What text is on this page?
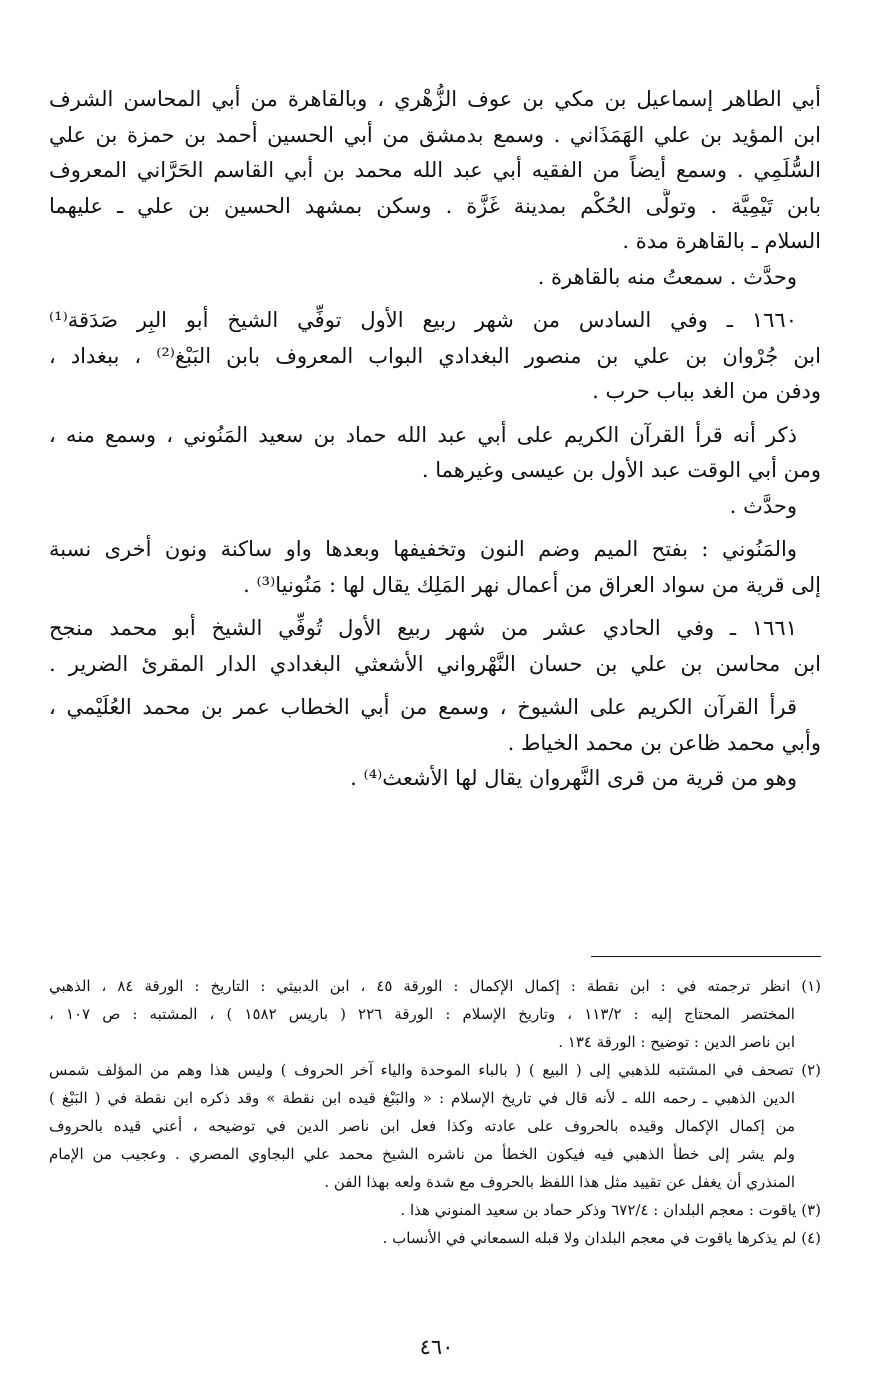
أبي الطاهر إسماعيل بن مكي بن عوف الزُّهْري ، وبالقاهرة من أبي المحاسن الشرف
ابن المؤيد بن علي الهَمَذَاني . وسمع بدمشق من أبي الحسين أحمد بن حمزة بن علي
السُّلَمِي . وسمع أيضاً من الفقيه أبي عبد الله محمد بن أبي القاسم الحَرَّاني المعروف
بابن تَيْمِيَّة . وتولَّى الحُكْم بمدينة غَزَّة . وسكن بمشهد الحسين بن علي ـ عليهما
السلام ـ بالقاهرة مدة .
وحدَّث . سمعتُ منه بالقاهرة .
١٦٦٠ ـ وفي السادس من شهر ربيع الأول توفِّي الشيخ أبو البِر صَدَقة⁽¹⁾
ابن جُرْوان بن علي بن منصور البغدادي البواب المعروف بابن البَبْغ⁽²⁾ ، ببغداد ،
ودفن من الغد بباب حرب .
ذكر أنه قرأ القرآن الكريم على أبي عبد الله حماد بن سعيد المَنُوني ، وسمع منه ،
ومن أبي الوقت عبد الأول بن عيسى وغيرهما .
وحدَّث .
والمَنُوني : بفتح الميم وضم النون وتخفيفها وبعدها واو ساكنة ونون أخرى نسبة
إلى قرية من سواد العراق من أعمال نهر المَلِك يقال لها : مَنُونيا⁽³⁾ .
١٦٦١ ـ وفي الحادي عشر من شهر ربيع الأول تُوفِّي الشيخ أبو محمد منجح
ابن محاسن بن علي بن حسان النَّهْرواني الأشعثي البغدادي الدار المقرئ الضرير .
قرأ القرآن الكريم على الشيوخ ، وسمع من أبي الخطاب عمر بن محمد العُلَيْمي ،
وأبي محمد ظاعن بن محمد الخياط .
وهو من قرية من قرى النَّهروان يقال لها الأشعث⁽⁴⁾ .
(١) انظر ترجمته في : ابن نقطة : إكمال الإكمال : الورقة ٤٥ ، ابن الدبيثي : التاريخ : الورقة ٨٤ ، الذهبي
المختصر المحتاج إليه : ١١٣/٢ ، وتاريخ الإسلام : الورقة ٢٢٦ ( باريس ١٥٨٢ ) ، المشتبه : ص ١٠٧ ،
ابن ناصر الدين : توضيح : الورقة ١٣٤ .
(٢) تصحف في المشتبه للذهبي إلى ( البيع ) ( بالباء الموحدة والياء آخر الحروف ) وليس هذا وهم من المؤلف شمس
الدين الذهبي ـ رحمه الله ـ لأنه قال في تاريخ الإسلام : « والبَبْغ قيده ابن نقطة » وقد ذكره ابن نقطة في ( البَبْغ )
من إكمال الإكمال وقيده بالحروف على عادته وكذا فعل ابن ناصر الدين في توضيحه ، أعني قيده بالحروف
ولم يشر إلى خطأ الذهبي فيه فيكون الخطأ من ناشره الشيخ محمد علي البجاوي المصري . وعجيب من الإمام
المنذري أن يغفل عن تقييد مثل هذا اللفظ بالحروف مع شدة ولعه بهذا الفن .
(٣) ياقوت : معجم البلدان : ٦٧٢/٤ وذكر حماد بن سعيد المنوني هذا .
(٤) لم يذكرها ياقوت في معجم البلدان ولا قبله السمعاني في الأنساب .
٤٦٠
